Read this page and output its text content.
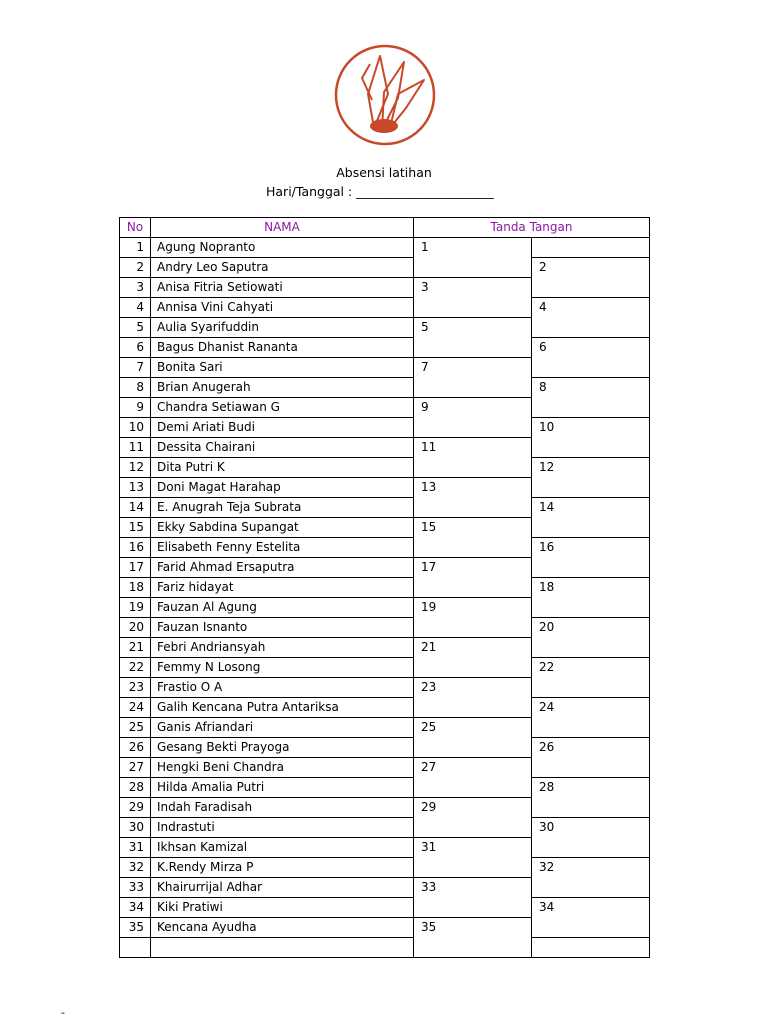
Absensi latihan
Hari/Tanggal : ______________________
No	NAMA	Tanda Tangan	
1	Agung Nopranto	1	
2	Andry Leo Saputra		2
3	Anisa Fitria Setiowati	3	
4	Annisa Vini Cahyati		4
5	Aulia Syarifuddin	5	
6	Bagus Dhanist Rananta		6
7	Bonita Sari	7	
8	Brian Anugerah		8
9	Chandra Setiawan G	9	
10	Demi Ariati Budi		10
11	Dessita Chairani	11	
12	Dita Putri K		12
13	Doni Magat Harahap	13	
14	E. Anugrah Teja Subrata		14
15	Ekky Sabdina Supangat	15	
16	Elisabeth Fenny Estelita		16
17	Farid Ahmad Ersaputra	17	
18	Fariz hidayat		18
19	Fauzan Al Agung	19	
20	Fauzan Isnanto		20
21	Febri Andriansyah	21	
22	Femmy N Losong		22
23	Frastio O A	23	
24	Galih Kencana Putra Antariksa		24
25	Ganis Afriandari	25	
26	Gesang Bekti Prayoga		26
27	Hengki Beni Chandra	27	
28	Hilda Amalia Putri		28
29	Indah Faradisah	29	
30	Indrastuti		30
31	Ikhsan Kamizal	31	
32	K.Rendy Mirza P		32
33	Khairurrijal Adhar	33	
34	Kiki Pratiwi		34
35	Kencana Ayudha	35	

-
